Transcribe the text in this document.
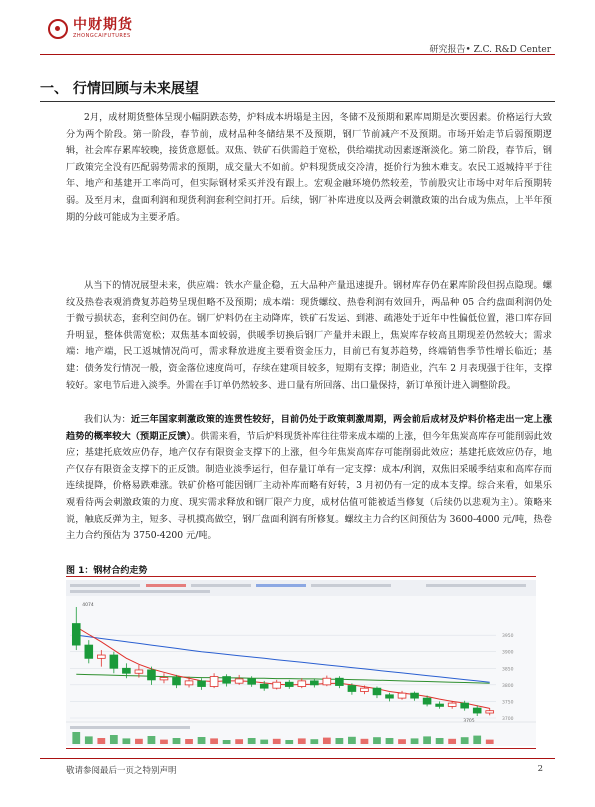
中财期货
ZHONGCAIFUTURES
研究报告• Z.C. R&D Center
一、 行情回顾与未来展望

2月，成材期货整体呈现小幅阴跌态势，炉料成本坍塌是主因，冬储不及预期和累库周期是次要因素。价格运行大致分为两个阶段。第一阶段，春节前，成材品种冬储结果不及预期，钢厂节前减产不及预期。市场开始走节后弱预期逻辑，社会库存累库较晚，接货意愿低。双焦、铁矿石供需趋于宽松，供给端扰动因素逐渐淡化。第二阶段，春节后，钢厂政策完全没有匹配弱势需求的预期，成交量大不如前。炉料现货成交冷清，挺价行为独木难支。农民工返城持平于往年、地产和基建开工率尚可，但实际钢材采买并没有跟上。宏观金融环境仍然较差，节前股灾让市场中对年后预期转弱。及至月末，盘面利润和现货利润套利空间打开。后续，钢厂补库进度以及两会刺激政策的出台成为焦点，上半年预期的分歧可能成为主要矛盾。

从当下的情况展望未来，供应端：铁水产量企稳，五大品种产量迅速提升。钢材库存仍在累库阶段但拐点隐现。螺纹及热卷表观消费复苏趋势呈现但略不及预期；成本端：现货螺纹、热卷利润有效回升，两品种 05 合约盘面利润仍处于微亏损状态，套利空间仍在。钢厂炉料仍在主动降库，铁矿石发运、到港、疏港处于近年中性偏低位置，港口库存回升明显，整体供需宽松；双焦基本面较弱，供暖季切换后钢厂产量并未跟上，焦炭库存较高且期现差仍然较大；需求端：地产端，民工返城情况尚可，需求释放进度主要看资金压力，目前已有复苏趋势，终端销售季节性增长临近；基建：债务发行情况一般，资金落位速度尚可，存续在建项目较多，短期有支撑；制造业，汽车 2 月表现强于往年，支撑较好。家电节后进入淡季。外需在手订单仍然较多、进口量有所回落、出口量保持，新订单预计进入调整阶段。

我们认为：近三年国家刺激政策的连贯性较好，目前仍处于政策刺激周期，两会前后成材及炉料价格走出一定上涨趋势的概率较大（预期正反馈）。供需来看，节后炉料现货补库往往带来成本端的上涨，但今年焦炭高库存可能削弱此效应；基建托底效应仍存，地产仅存有限资金支撑下的上涨，但今年焦炭高库存可能削弱此效应；基建托底效应仍存，地产仅存有限资金支撑下的正反馈。制造业淡季运行，但存量订单有一定支撑：成本/利润，双焦旧采暖季结束和高库存而连续提降，价格易跌难涨。铁矿价格可能因钢厂主动补库而略有好转，3 月初仍有一定的成本支撑。综合来看，如果乐观看待两会刺激政策的力度、现实需求释放和钢厂限产力度，成材估值可能被适当修复（后续仍以悲观为主）。策略来说，触底反弹为主，短多、寻机摸高做空，钢厂盘面利润有所修复。螺纹主力合约区间预估为 3600-4000 元/吨，热卷主力合约预估为 3750-4200 元/吨。

图 1：钢材合约走势
3950
3900
3850
3800
3750
3700
4074
3705
敬请参阅最后一页之特别声明	2
